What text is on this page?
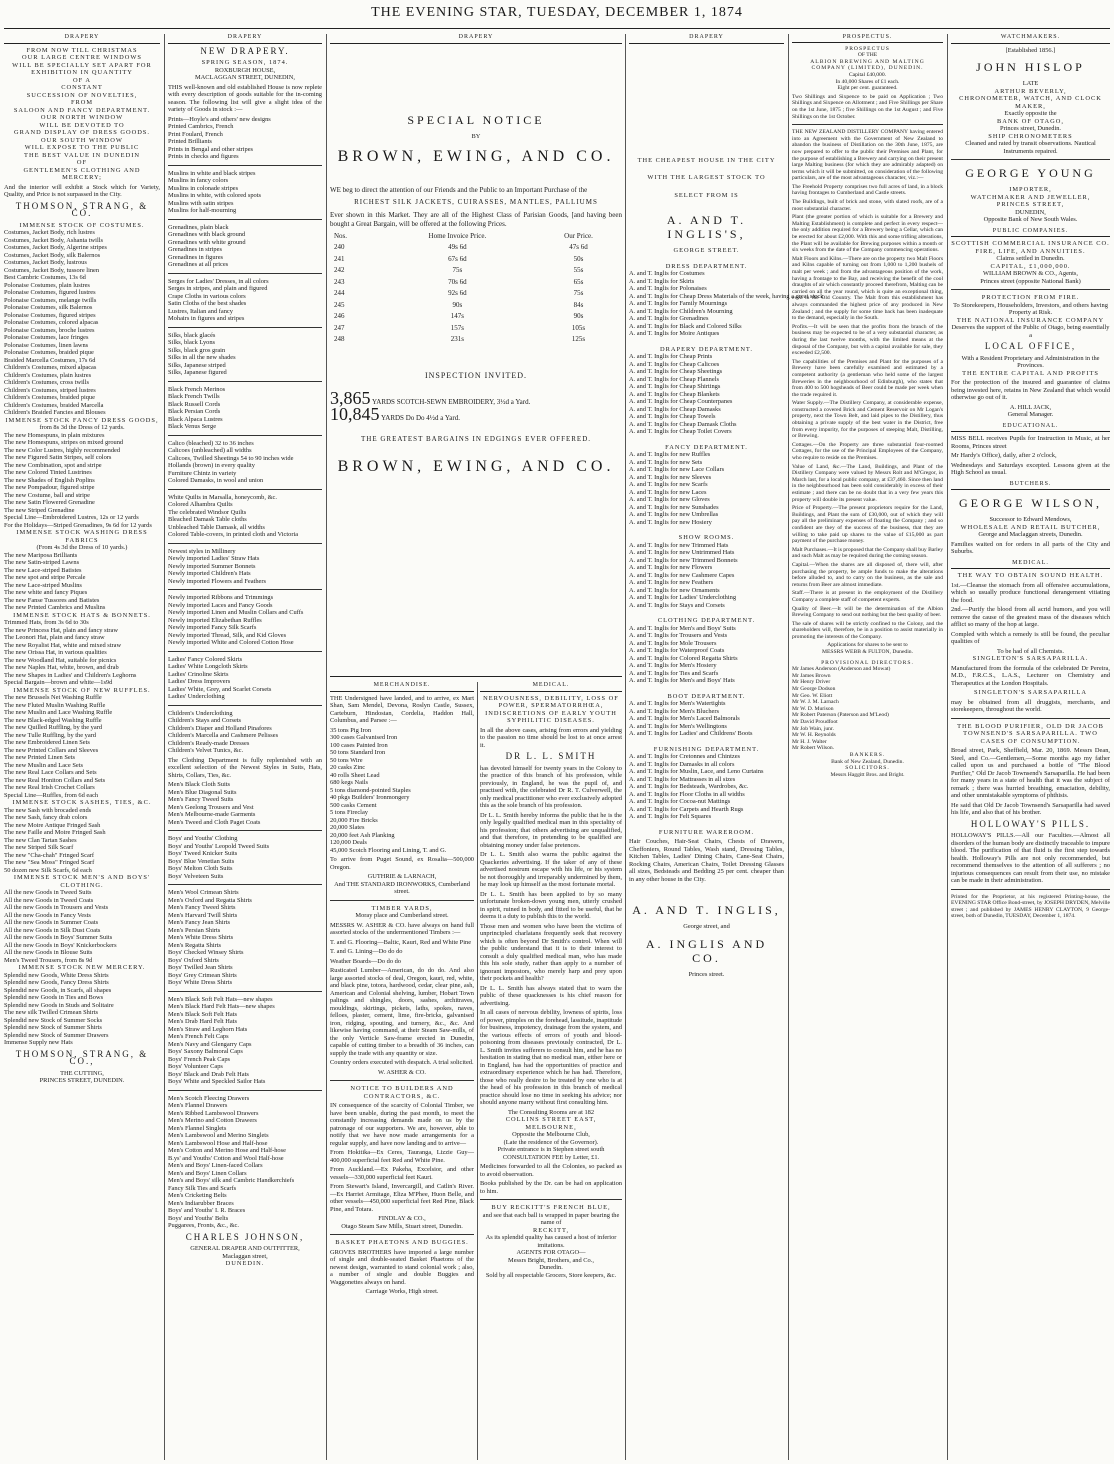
THE EVENING STAR, TUESDAY, DECEMBER 1, 1874
DRAPERY
FROM NOW TILL CHRISTMAS
OUR LARGE CENTRE WINDOWS
WILL BE SPECIALLY SET APART FOR
EXHIBITION IN QUANTITY
OF A
CONSTANT
SUCCESSION OF NOVELTIES,
FROM
SALOON AND FANCY DEPARTMENT.
OUR NORTH WINDOW
WILL BE DEVOTED TO
GRAND DISPLAY OF DRESS GOODS.
OUR SOUTH WINDOW
WILL EXPOSE TO THE PUBLIC
THE BEST VALUE IN DUNEDIN
OF
GENTLEMEN'S CLOTHING AND
MERCERY;

And the interior will exhibit a Stock which for Variety, Quality, and Price is not surpassed in the City.

THOMSON, STRANG, & CO.
IMMENSE STOCK OF COSTUMES.
Costumes, Jacket Body, rich lustres
Costumes, Jacket Body, Ashanta twills
Costumes, Jacket Body, Algerine stripes
Costumes, Jacket Body, silk Balernos
Costumes, Jacket Body, lustrous
Costumes, Jacket Body, tussore linen
Best Cambric Costumes, 13s 6d
Polonaise Costumes, plain lustres
Polonaise Costumes, figured lustres
Polonaise Costumes, melange twills
Polonaise Costumes, silk Balernos
Polonaise Costumes, figured stripes
Polonaise Costumes, colored alpacas
Polonaise Costumes, broche lustres
Polonaise Costumes, lace fringes
Polonaise Costumes, linen lawns
Polonaise Costumes, braided pique
Braided Marcella Costumes, 17s 6d
Children's Costumes, mixed alpacas
Children's Costumes, plain lustres
Children's Costumes, cross twills
Children's Costumes, striped lustres
Children's Costumes, braided pique
Children's Costumes, braided Marcella
Children's Braided Fancies and Blouses
IMMENSE STOCK FANCY DRESS GOODS,
from 8s 3d the Dress of 12 yards.
The new Homespuns, in plain mixtures
The new Homespuns, stripes on mixed ground
The new Color Lustres, highly recommended
The new Figured Satin Stripes, self colors
The new Combination, spot and stripe
The new Colored Tinted Lustrines
The new Shades of English Poplins
The new Pompadour, figured stripe
The new Costume, ball and stripe
The new Satin Flowered Grenadine
The new Striped Grenadine
Special Line—Embroidered Lustres, 12s or 12 yards
For the Holidays—Striped Grenadines, 9s 6d for 12 yards
IMMENSE STOCK WASHING DRESS FABRICS
(From 4s 3d the Dress of 10 yards.)
The new Mariposa Brilliants
The new Satin-striped Lawns
The new Lace-striped Batistes
The new spot and stripe Percale
The new Lace-striped Muslins
The new white and fancy Piques
The new Fanse Tussores and Batistes
The new Printed Cambrics and Muslins
IMMENSE STOCK HATS & BONNETS.
Trimmed Hats, from 3s 6d to 30s
The new Princess Hat, plain and fancy straw
The Leonori Hat, plain and fancy straw
The new Royalist Hat, white and mixed straw
The new Orissa Hat, in various qualities
The new Woodland Hat, suitable for picnics
The new Naples Hat, white, brown, and drab
The new Shapes in Ladies' and Children's Leghorns
Special Bargain—brown and white—1s9d
IMMENSE STOCK OF NEW RUFFLES.
The new Brussels Net Washing Ruffle
The new Fluted Muslin Washing Ruffle
The new Muslin and Lace Washing Ruffle
The new Black-edged Washing Ruffle
The new Quilled Ruffling, by the yard
The new Tulle Ruffling, by the yard
The new Embroidered Linen Sets
The new Printed Collars and Sleeves
The new Printed Linen Sets
The new Muslin and Lace Sets
The new Real Lace Collars and Sets
The new Real Honiton Collars and Sets
The new Real Irish Crochet Collars
Special Line—Ruffles, from 6d each
IMMENSE STOCK SASHES, TIES, &C.
The new Sash with brocaded ends
The new Sash, fancy drab colors
The new Moire Antique Fringed Sash
The new Faille and Moire Fringed Sash
The new Clan Tartan Sashes
The new Striped Silk Scarf
The new "Cha-chah" Fringed Scarf
The new "Sea Moss" Fringed Scarf
50 dozen new Silk Scarfs, 6d each
IMMENSE STOCK MEN'S AND BOYS' CLOTHING.
All the new Goods in Tweed Suits
All the new Goods in Tweed Coats
All the new Goods in Trousers and Vests
All the new Goods in Fancy Vests
All the new Goods in Summer Coats
All the new Goods in Silk Dust Coats
All the new Goods in Boys' Summer Suits
All the new Goods in Boys' Knickerbockers
All the new Goods in Blouse Suits
Men's Tweed Trousers, from 8s 9d
IMMENSE STOCK NEW MERCERY.
Splendid new Goods, White Dress Shirts
Splendid new Goods, Fancy Dress Shirts
Splendid new Goods, in Scarfs, all shapes
Splendid new Goods in Ties and Bows
Splendid new Goods in Studs and Solitaire
The new silk Twilled Crimean Shirts
Splendid new Stock of Summer Socks
Splendid new Stock of Summer Shirts
Splendid new Stock of Summer Drawers
Immense Supply new Hats
THOMSON, STRANG, & CO.,
THE CUTTING,
PRINCES STREET, DUNEDIN.
DRAPERY
NEW DRAPERY.
SPRING SEASON, 1874.
ROXBURGH HOUSE,
MACLAGGAN STREET, DUNEDIN,

THIS well-known and old established House is now replete with every description of goods suitable for the in-coming season. The following list will give a slight idea of the variety of Goods in stock :—

Prints—Hoyle's and others' new designs
Printed Cambrics, French
Print Foulard, French
Printed Brilliants
Prints in Bengal and other stripes
Prints in checks and figures
Muslins in white and black stripes
Muslins in fancy colors
Muslins in colonade stripes
Muslins in white, with colored spots
Muslins with satin stripes
Muslins for half-mourning
Grenadines, plain black
Grenadines with black ground
Grenadines with white ground
Grenadines in stripes
Grenadines in figures
Grenadines at all prices
Serges for Ladies' Dresses, in all colors
Serges in stripes, and plain and figured
Crape Cloths in various colors
Satin Cloths of the best shades
Lustres, Italian and fancy
Mohairs in figures and stripes
Silks, black glacés
Silks, black Lyons
Silks, black gros grain
Silks in all the new shades
Silks, Japanese striped
Silks, Japanese figured
Black French Merinos
Black French Twills
Black Russell Cords
Black Persian Cords
Black Alpaca Lustres
Black Venus Serge
Calico (bleached) 32 to 36 inches
Calicoes (unbleached) all widths
Calicoes, Twilled Sheetings 54 to 90 inches wide
Hollands (brown) in every quality
Furniture Chintz in variety
Colored Damasks, in wool and union
White Quilts in Marsalla, honeycomb, &c.
Colored Alhambra Quilts
The celebrated Windsor Quilts
Bleached Damask Table cloths
Unbleached Table Damask, all widths
Colored Table-covers, in printed cloth and Victoria
Newest styles in Millinery
Newly imported Ladies' Straw Hats
Newly imported Summer Bonnets
Newly imported Children's Hats
Newly imported Flowers and Feathers
Newly imported Ribbons and Trimmings
Newly imported Laces and Fancy Goods
Newly imported Linen and Muslin Collars and Cuffs
Newly imported Elizabethan Ruffles
Newly imported Fancy Silk Scarfs
Newly imported Thread, Silk, and Kid Gloves
Newly imported White and Colored Cotton Hose
Ladies' Fancy Colored Skirts
Ladies' White Longcloth Skirts
Ladies' Crinoline Skirts
Ladies' Dress Improvers
Ladies' White, Grey, and Scarlet Corsets
Ladies' Underclothing
Children's Underclothing
Children's Stays and Corsets
Children's Diaper and Holland Pinafores
Children's Marcella and Cashmere Pelisses
Children's Ready-made Dresses
Children's Velvet Tunics, &c.

The Clothing Department is fully replenished with an excellent selection of the Newest Styles in Suits, Hats, Shirts, Collars, Ties, &c.

Men's Black Cloth Suits
Men's Blue Diagonal Suits
Men's Fancy Tweed Suits
Men's Geelong Trousers and Vest
Men's Melbourne-made Garments
Men's Tweed and Cloth Paget Coats
Boys' and Youths' Clothing
Boys' and Youths' Leopold Tweed Suits
Boys' Tweed Knicker Suits
Boys' Blue Venetian Suits
Boys' Melton Cloth Suits
Boys' Velveteen Suits
Men's Wool Crimean Shirts
Men's Oxford and Regatta Shirts
Men's Fancy Tweed Shirts
Men's Harvard Twill Shirts
Men's Fancy Jean Shirts
Men's Persian Shirts
Men's White Dress Shirts
Men's Regatta Shirts
Boys' Checked Winsey Shirts
Boys' Oxford Shirts
Boys' Twilled Jean Shirts
Boys' Grey Crimean Shirts
Boys' White Dress Shirts
Men's Black Soft Felt Hats—new shapes
Men's Black Hard Felt Hats—new shapes
Men's Black Soft Felt Hats
Men's Drab Hard Felt Hats
Men's Straw and Leghorn Hats
Men's French Felt Caps
Men's Navy and Glengarry Caps
Boys' Saxony Balmoral Caps
Boys' French Peak Caps
Boys' Volunteer Caps
Boys' Black and Drab Felt Hats
Boys' White and Speckled Sailor Hats
Men's Scotch Fleecing Drawers
Men's Flannel Drawers
Men's Ribbed Lambswool Drawers
Men's Merino and Cotton Drawers
Men's Flannel Singlets
Men's Lambswool and Merino Singlets
Men's Lambswool Hose and Half-hose
Men's Cotton and Merino Hose and Half-hose
B.ys' and Youths' Cotton and Wool Half-hose
Men's and Boys' Linen-faced Collars
Men's and Boys' Linen Collars
Men's and Boys' silk and Cambric Handkerchiefs
Fancy Silk Ties and Scarfs
Men's Cricketing Belts
Men's Indiarubber Braces
Boys' and Youths' I. R. Braces
Boys' and Youths' Belts
Puggarees, Fronts, &c., &c.
CHARLES JOHNSON,
GENERAL DRAPER AND OUTFITTER,
Maclaggan street,
DUNEDIN.
DRAPERY
SPECIAL NOTICE
BY
BROWN, EWING, AND CO.

WE beg to direct the attention of our Friends and the Public to an Important Purchase of the

RICHEST SILK JACKETS, CUIRASSES, MANTLES, PALLIUMS

Ever shown in this Market. They are all of the Highest Class of Parisian Goods, [and having been bought a Great Bargain, will be offered at the following Prices.

Nos.	Home Invoice Price.	Our Price.
240	49s 6d	47s 6d
241	67s 6d	50s
242	75s	55s
243	70s 6d	65s
244	92s 6d	75s
245	90s	84s
246	147s	90s
247	157s	105s
248	231s	125s
INSPECTION INVITED.
3,865 YARDS SCOTCH-SEWN EMBROIDERY, 3½d a Yard.
10,845 YARDS Do Do 4½d a Yard.
THE GREATEST BARGAINS IN EDGINGS EVER OFFERED.
BROWN, EWING, AND CO.
MERCHANDISE.

THE Undersigned have landed, and to arrive, ex Mart Shan, Sam Mendel, Devona, Roslyn Castle, Sussex, Carteburn, Hindostan, Cordelia, Haddon Hall, Columbus, and Parsee :—

35 tons Pig Iron
300 cases Galvanised Iron
100 cases Painted Iron
50 tons Standard Iron
50 tons Wire
20 casks Zinc
40 rolls Sheet Lead
680 kegs Nails
5 tons diamond-pointed Staples
40 pkgs Builders' Ironmongery
500 casks Cement
5 tons Fireclay
20,000 Fire Bricks
20,000 Slates
20,000 feet Ash Planking
120,000 Deals
45,000 Scotch Flooring and Lining, T. and G.

To arrive from Puget Sound, ex Rosalia—500,000 Oregon.

GUTHRIE & LARNACH,
And THE STANDARD IRONWORKS, Cumberland street.
TIMBER YARDS,
Moray place and Cumberland street.

MESSRS W. ASHER & CO. have always on hand full assorted stocks of the undermentioned Timbers :—

T. and G. Flooring—Baltic, Kauri, Red and White Pine

T. and G. Lining—Do do do

Weather Boards—Do do do

Rusticated Lumber—American, do do do. And also large assorted stocks of deal, Oregon, kauri, red, white, and black pine, totora, hardwood, cedar, clear pine, ash, American and Colonial shelving, lumber, Hobart Town palings and shingles, doors, sashes, architraves, mouldings, skirtings, pickets, laths, spokes, naves, felloes, plaster, cement, lime, fire-bricks, galvanised iron, ridging, spouting, and turnery, &c., &c. And likewise having command, at their Steam Saw-mills, of the only Verticle Saw-frame erected in Dunedin, capable of cutting timber to a breadth of 36 inches, can supply the trade with any quantity or size.

Country orders executed with despatch. A trial solicited.

W. ASHER & CO.
NOTICE TO BUILDERS AND CONTRACTORS, &C.

IN consequence of the scarcity of Colonial Timber, we have been unable, during the past month, to meet the constantly increasing demands made on us by the patronage of our supporters. We are, however, able to notify that we have now made arrangements for a regular supply, and have now landing and to arrive—

From Hokitika—Ex Ceres, Tauranga, Lizzie Guy—400,000 superficial feet Red and White Pine.

From Auckland.—Ex Pakeha, Excelsior, and other vessels—330,000 superficial feet Kauri.

From Stewart's Island, Invercargill, and Catlin's River.—Ex Harriet Armitage, Eliza M'Phee, Huon Belle, and other vessels—450,000 superficial feet Red Pine, Black Pine, and Totara.

FINDLAY & CO.,
Otago Steam Saw Mills, Stuart street, Dunedin.
BASKET PHAETONS AND BUGGIES.

GROVES BROTHERS have imported a large number of single and double-seated Basket Phaetons of the newest design, warranted to stand colonial work ; also, a number of single and double Buggies and Waggonettes always on hand.

Carriage Works, High street.
MEDICAL.
NERVOUSNESS, DEBILITY, LOSS OF POWER, SPERMATORRHŒA, INDISCRETIONS OF EARLY YOUTH SYPHILITIC DISEASES.

In all the above cases, arising from errors and yielding to the passion no time should be lost to at once arrest it.

DR L. L. SMITH

has devoted himself for twenty years in the Colony to the practice of this branch of his profession, while previously, in England, he was the pupil of, and practised with, the celebrated Dr R. T. Culverwell, the only medical practitioner who ever exclusively adopted this as the sole branch of his profession.

Dr L. L. Smith hereby informs the public that he is the only legally qualified medical man in this speciality of his profession; that others advertising are unqualified, and that therefore, in pretending to be qualified are obtaining money under false pretences.

Dr L. L. Smith also warns the public against the Quackeries advertising. If the taker of any of these advertised nostrum escape with his life, or his system be not thoroughly and irreparably undermined by them, he may look up himself as the most fortunate mortal.

Dr L. L. Smith has been applied to by so many unfortunate broken-down young men, utterly crushed in spirit, ruined in body, and fitted to be useful, that he deems it a duty to publish this to the world.

Those men and women who have been the victims of unprincipled charlatans frequently seek that recovery which is often beyond Dr Smith's control. When will the public understand that it is to their interest to consult a duly qualified medical man, who has made this his sole study, rather than apply to a number of ignorant impostors, who merely harp and prey upon their pockets and health?

Dr L. L. Smith has always stated that to warn the public of these quacknesses is his chief reason for advertising.

In all cases of nervous debility, lowness of spirits, loss of power, pimples on the forehead, lassitude, inaptitude for business, impotency, drainage from the system, and the various effects of errors of youth and blood-poisoning from diseases previously contracted, Dr L. L. Smith invites sufferers to consult him, and he has no hesitation in stating that no medical man, either here or in England, has had the opportunities of practice and extraordinary experience which he has had. Therefore, those who really desire to be treated by one who is at the head of his profession in this branch of medical practice should lose no time in seeking his advice; nor should anyone marry without first consulting him.

The Consulting Rooms are at 182
COLLINS STREET EAST,
MELBOURNE,
Opposite the Melbourne Club,
(Late the residence of the Governor).
Private entrance is in Stephen street south
CONSULTATION FEE by Letter, £1.

Medicines forwarded to all the Colonies, so packed as to avoid observation.

Books published by the Dr. can be had on application to him.

BUY RECKITT'S FRENCH BLUE,
and see that each ball is wrapped in paper bearing the name of
RECKITT,
As its splendid quality has caused a host of inferior imitations.
AGENTS FOR OTAGO—
Messrs Bright, Brothers, and Co.,
Dunedin.
Sold by all respectable Grocers, Store keepers, &c.
DRAPERY
THE CHEAPEST HOUSE IN THE CITY
WITH THE LARGEST STOCK TO
SELECT FROM IS
A. AND T. INGLIS'S,
GEORGE STREET.
DRESS DEPARTMENT.
A. and T. Inglis for Costumes
A. and T. Inglis for Skirts
A. and T. Inglis for Polonaises
A. and T. Inglis for Cheap Dress Materials of the week, having a great stock
A. and T. Inglis for Family Mournings
A. and T. Inglis for Children's Mourning
A. and T. Inglis for Grenadines
A. and T. Inglis for Black and Colored Silks
A. and T. Inglis for Moire Antiques
DRAPERY DEPARTMENT.
A. and T. Inglis for Cheap Prints
A. and T. Inglis for Cheap Calicoes
A. and T. Inglis for Cheap Sheetings
A. and T. Inglis for Cheap Flannels
A. and T. Inglis for Cheap Shirtings
A. and T. Inglis for Cheap Blankets
A. and T. Inglis for Cheap Counterpanes
A. and T. Inglis for Cheap Damasks
A. and T. Inglis for Cheap Towels
A. and T. Inglis for Cheap Damask Cloths
A. and T. Inglis for Cheap Toilet Covers
FANCY DEPARTMENT.
A. and T. Inglis for new Ruffles
A. and T. Inglis for new Sets
A. and T. Inglis for new Lace Collars
A. and T. Inglis for new Sleeves
A. and T. Inglis for new Scarfs
A. and T. Inglis for new Laces
A. and T. Inglis for new Gloves
A. and T. Inglis for new Sunshades
A. and T. Inglis for new Umbrellas
A. and T. Inglis for new Hosiery
SHOW ROOMS.
A. and T. Inglis for new Trimmed Hats
A. and T. Inglis for new Untrimmed Hats
A. and T. Inglis for new Trimmed Bonnets
A. and T. Inglis for new Flowers
A. and T. Inglis for new Cashmere Capes
A. and T. Inglis for new Feathers
A. and T. Inglis for new Ornaments
A. and T. Inglis for Ladies' Underclothing
A. and T. Inglis for Stays and Corsets
CLOTHING DEPARTMENT.
A. and T. Inglis for Men's and Boys' Suits
A. and T. Inglis for Trousers and Vests
A. and T. Inglis for Mole Trousers
A. and T. Inglis for Waterproof Coats
A. and T. Inglis for Colored Regatta Shirts
A. and T. Inglis for Men's Hosiery
A. and T. Inglis for Ties and Scarfs
A. and T. Inglis for Men's and Boys' Hats
BOOT DEPARTMENT.
A. and T. Inglis for Men's Watertights
A. and T. Inglis for Men's Bluchers
A. and T. Inglis for Men's Laced Balmorals
A. and T. Inglis for Men's Wellingtons
A. and T. Inglis for Ladies' and Childrens' Boots
FURNISHING DEPARTMENT.
A. and T. Inglis for Cretonnes and Chintzes
A. and T. Inglis for Damasks in all colors
A. and T. Inglis for Muslin, Lace, and Leno Curtains
A. and T. Inglis for Mattrasses in all sizes
A. and T. Inglis for Bedsteads, Wardrobes, &c.
A. and T. Inglis for Floor Cloths in all widths
A. and T. Inglis for Cocoa-nut Mattings
A. and T. Inglis for Carpets and Hearth Rugs
A. and T. Inglis for Felt Squares
FURNITURE WAREROOM.

Hair Couches, Hair-Seat Chairs, Chests of Drawers, Cheffoniers, Round Tables, Wash stand, Dressing Tables, Kitchen Tables, Ladies' Dining Chairs, Cane-Seat Chairs, Rocking Chairs, American Chairs, Toilet Dressing Glasses all sizes, Bedsteads and Bedding 25 per cent. cheaper than in any other house in the City.

A. AND T. INGLIS,
George street, and
A. INGLIS AND CO.
Princes street.
PROSPECTUS.
PROSPECTUS
OF THE
ALBION BREWING AND MALTING COMPANY (LIMITED), DUNEDIN.
Capital £40,000.
In 40,000 Shares of £1 each.
Eight per cent. guaranteed.

Two Shillings and Sixpence to be paid on Application ; Two Shillings and Sixpence on Allotment ; and Five Shillings per Share on the 1st June, 1875 ; five Shillings on the 1st August ; and Five Shillings on the 1st October.

THE NEW ZEALAND DISTILLERY COMPANY having entered into an Agreement with the Government of New Zealand to abandon the business of Distillation on the 30th June, 1875, are now prepared to offer to the public their Premises and Plant, for the purpose of establishing a Brewery and carrying on their present large Malting business (for which they are admirably adapted) on terms which it will be submitted, on consideration of the following particulars, are of the most advantageous character, viz.:—

The Freehold Property comprises two full acres of land, in a block having frontages to Cumberland and Castle streets.

The Buildings, built of brick and stone, with slated roofs, are of a most substantial character.

Plant (the greater portion of which is suitable for a Brewery and Malting Establishment) is complete and perfect in every respect—the only addition required for a Brewery being a Cellar, which can be erected for about £2,000. With this and some trifling alterations, the Plant will be available for Brewing purposes within a month or six weeks from the date of the Company commencing operations.

Malt Floors and Kilns.—There are on the property two Malt Floors and Kilns capable of turning out from 1,000 to 1,200 bushels of malt per week ; and from the advantageous position of the work, having a frontage to the Bay, and receiving the benefit of the cool draughts of air which constantly proceed therefrom, Malting can be carried on all the year round, which is quite an exceptional thing, even in the Old Country. The Malt from this establishment has always commanded the highest price of any produced in New Zealand ; and the supply for some time back has been inadequate to the demand, especially in the South.

Profits.—It will be seen that the profits from the branch of the business may be expected to be of a very substantial character, as during the last twelve months, with the limited means at the disposal of the Company, but with a capital available for sale, they exceeded £2,500.

The capabilities of the Premises and Plant for the purposes of a Brewery have been carefully examined and estimated by a competent authority (a gentleman who held some of the largest Breweries in the neighbourhood of Edinburgh), who states that from 400 to 500 hogsheads of Beer could be made per week when the trade required it.

Water Supply.—The Distillery Company, at considerable expense, constructed a covered Brick and Cement Reservoir on Mr Logan's property, next the Town Belt, and laid pipes to the Distillery, thus obtaining a private supply of the best water in the District, free from every impurity, for the purposes of steeping Malt, Distilling, or Brewing.

Cottages.—On the Property are three substantial four-roomed Cottages, for the use of the Principal Employees of the Company, who require to reside on the Premises.

Value of Land, &c.—The Land, Buildings, and Plant of the Distillery Company were valued by Messrs Rolt and M'Gregor, in March last, for a local public company, at £37,460. Since then land in the neighbourhood has been sold considerably in excess of their estimate ; and there can be no doubt that in a very few years this property will double its present value.

Price of Property.—The present proprietors require for the Land, Buildings, and Plant the sum of £30,000, out of which they will pay all the preliminary expenses of floating the Company ; and so confident are they of the success of the business, that they are willing to take paid up shares to the value of £15,000 as part payment of the purchase money.

Malt Purchases.—It is proposed that the Company shall buy Barley and such Malt as may be required during the coming season.

Capital.—When the shares are all disposed of, there will, after purchasing the property, be ample funds to make the alterations before alluded to, and to carry on the business, as the sale and returns from Beer are almost immediate.

Staff.—There is at present in the employment of the Distillery Company a complete staff of competent experts.

Quality of Beer.—It will be the determination of the Albion Brewing Company to send out nothing but the best quality of beer.

The sale of shares will be strictly confined to the Colony, and the shareholders will, therefore, be in a position to assist materially in promoting the interests of the Company.

Applications for shares to be sent to
MESSRS WEBB & FULTON, Dunedin.
PROVISIONAL DIRECTORS.
Mr James Anderson (Anderson and Mowat)
Mr James Brown
Mr Henry Driver
Mr George Dodson
Mr Geo. W. Eliott
Mr W. J. M. Larnach
Mr W. D. Murison
Mr Robert Paterson (Paterson and M'Leod)
Mr David Proudfoot
Mr Job Wain, junr.
Mr W. H. Reynolds
Mr H. J. Walter
Mr Robert Wilson.
BANKERS.
Bank of New Zealand, Dunedin.
SOLICITORS.
Messrs Haggitt Bros. and Bright.
WATCHMAKERS.
[Established 1856.]
JOHN HISLOP
LATE
ARTHUR BEVERLY,
CHRONOMETER, WATCH, AND CLOCK MAKER,
Exactly opposite the
BANK OF OTAGO,
Princes street, Dunedin.
SHIP CHRONOMETERS
Cleaned and rated by transit observations. Nautical Instruments repaired.
GEORGE YOUNG
IMPORTER,
WATCHMAKER AND JEWELLER,
PRINCES STREET,
DUNEDIN,
Opposite Bank of New South Wales.
PUBLIC COMPANIES.
SCOTTISH COMMERCIAL INSURANCE CO.
FIRE, LIFE, AND ANNUITIES.
Claims settled in Dunedin.
CAPITAL, £1,000,000.
WILLIAM BROWN & CO., Agents,
Princes street (opposite National Bank)
PROTECTION FROM FIRE.
To Storekeepers, Householders, Investors, and others having Property at Risk.
THE NATIONAL INSURANCE COMPANY
Deserves the support of the Public of Otago, being essentially a
LOCAL OFFICE,
With a Resident Proprietary and Administration in the Provinces.
THE ENTIRE CAPITAL AND PROFITS

For the protection of the insured and guarantee of claims being invested here, retains in New Zealand that which would otherwise go out of it.

A. HILL JACK,
General Manager.
EDUCATIONAL.

MISS BELL receives Pupils for Instruction in Music, at her Rooms, Princes street

Mr Hardy's Office), daily, after 2 o'clock,

Wednesdays and Saturdays excepted. Lessons given at the High School as usual.

BUTCHERS.
GEORGE WILSON,
Successor to Edward Mendows,
WHOLESALE AND RETAIL BUTCHER,
George and Maclaggan streets, Dunedin.

Families waited on for orders in all parts of the City and Suburbs.

MEDICAL.
THE WAY TO OBTAIN SOUND HEALTH.

1st.—Cleanse the stomach from all offensive accumulations, which so usually produce functional derangement vitiating the food.

2nd.—Purify the blood from all acrid humors, and you will remove the cause of the greatest mass of the diseases which afflict so many of the hop at large.

Compled with which a remedy is still be found, the peculiar qualities of

To be had of all Chemists.
SINGLETON'S SARSAPARILLA.

Manufactured from the formula of the celebrated Dr Pereira, M.D., F.R.C.S., L.A.S., Lecturer on Chemistry and Therapeutics at the London Hospitals.

SINGLETON'S SARSAPARILLA

may be obtained from all druggists, merchants, and storekeepers, throughout the world.

THE BLOOD PURIFIER, OLD DR JACOB TOWNSEND'S SARSAPARILLA. TWO CASES OF CONSUMPTION.

Broad street, Park, Sheffield, Mar. 20, 1869. Messrs Dean, Steel, and Co.—Gentlemen,—Some months ago my father called upon us and purchased a bottle of "The Blood Purifier," Old Dr Jacob Townsend's Sarsaparilla. He had been for many years in a state of health that it was the subject of remark ; there was hurried breathing, emaciation, debility, and other unmistakable symptoms of phthisis.

He said that Old Dr Jacob Townsend's Sarsaparilla had saved his life, and also that of his brother.

HOLLOWAY'S PILLS.

HOLLOWAY'S PILLS.—All our Faculties.—Almost all disorders of the human body are distinctly traceable to impure blood. The purification of that fluid is the first step towards health. Holloway's Pills are not only recommended, but recommend themselves to the attention of all sufferers ; no injurious consequences can result from their use, no mistake can be made in their administration.

Printed for the Proprietor, at his registered Printing-house, the EVENING STAR Office Bond-street, by JOSEPH DRYDEN, Melville street ; and published by JAMES HENRY CLAYTON, 9 George-street, both of Dunedin, TUESDAY, December 1, 1874.
